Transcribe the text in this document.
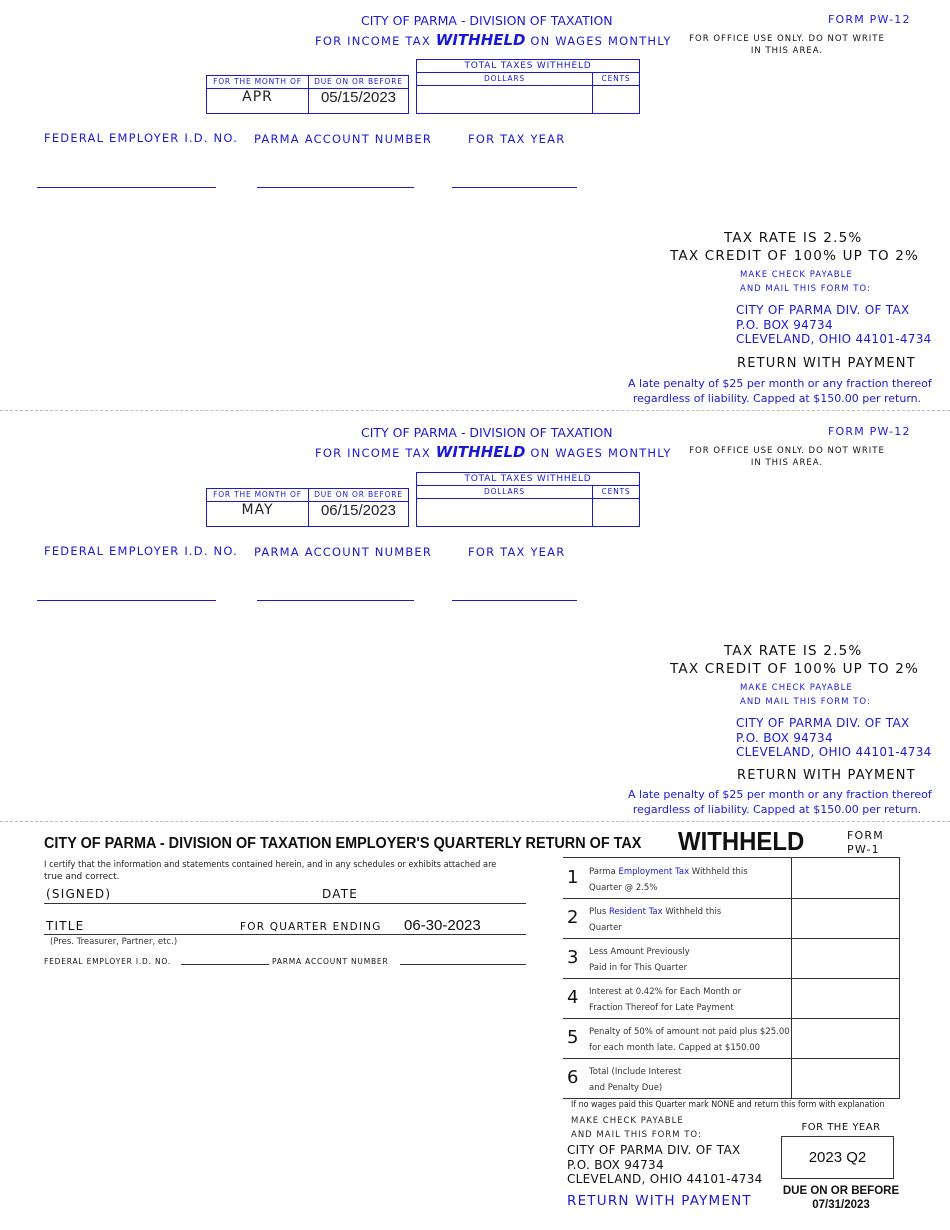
CITY OF PARMA - DIVISION OF TAXATION
FOR INCOME TAX WITHHELD ON WAGES MONTHLY
FORM PW-12
FOR OFFICE USE ONLY. DO NOT WRITE
IN THIS AREA.
FOR THE MONTH OF	DUE ON OR BEFORE
APR	05/15/2023
TOTAL TAXES WITHHELD
DOLLARS	CENTS
FEDERAL EMPLOYER I.D. NO. PARMA ACCOUNT NUMBER	FOR TAX YEAR
TAX RATE IS 2.5%
TAX CREDIT OF 100% UP TO 2%
MAKE CHECK PAYABLE
AND MAIL THIS FORM TO:
CITY OF PARMA DIV. OF TAX
P.O. BOX 94734
CLEVELAND, OHIO 44101-4734
RETURN WITH PAYMENT
A late penalty of $25 per month or any fraction thereof
regardless of liability. Capped at $150.00 per return.
CITY OF PARMA - DIVISION OF TAXATION
FOR INCOME TAX WITHHELD ON WAGES MONTHLY
FORM PW-12
FOR OFFICE USE ONLY. DO NOT WRITE
IN THIS AREA.
FOR THE MONTH OF	DUE ON OR BEFORE
MAY	06/15/2023
TOTAL TAXES WITHHELD
DOLLARS	CENTS
FEDERAL EMPLOYER I.D. NO. PARMA ACCOUNT NUMBER	FOR TAX YEAR
TAX RATE IS 2.5%
TAX CREDIT OF 100% UP TO 2%
MAKE CHECK PAYABLE
AND MAIL THIS FORM TO:
CITY OF PARMA DIV. OF TAX
P.O. BOX 94734
CLEVELAND, OHIO 44101-4734
RETURN WITH PAYMENT
A late penalty of $25 per month or any fraction thereof
regardless of liability. Capped at $150.00 per return.
CITY OF PARMA - DIVISION OF TAXATION EMPLOYER'S QUARTERLY RETURN OF TAX WITHHELD	FORM
PW-1
I certify that the information and statements contained herein, and in any schedules or exhibits attached are
true and correct.
(SIGNED)	DATE
TITLE	FOR QUARTER ENDING 06-30-2023
(Pres. Treasurer, Partner, etc.)
FEDERAL EMPLOYER I.D. NO.	PARMA ACCOUNT NUMBER
1 Parma Employment Tax Withheld this
Quarter @ 2.5%
2 Plus Resident Tax Withheld this
Quarter
3 Less Amount Previously
Paid in for This Quarter
4 Interest at 0.42% for Each Month or
Fraction Thereof for Late Payment
5 Penalty of 50% of amount not paid plus $25.00
for each month late. Capped at $150.00
6 Total (Include Interest
and Penalty Due)
If no wages paid this Quarter mark NONE and return this form with explanation
MAKE CHECK PAYABLE
AND MAIL THIS FORM TO:
CITY OF PARMA DIV. OF TAX
P.O. BOX 94734
CLEVELAND, OHIO 44101-4734
RETURN WITH PAYMENT
FOR THE YEAR
2023 Q2
DUE ON OR BEFORE
07/31/2023
